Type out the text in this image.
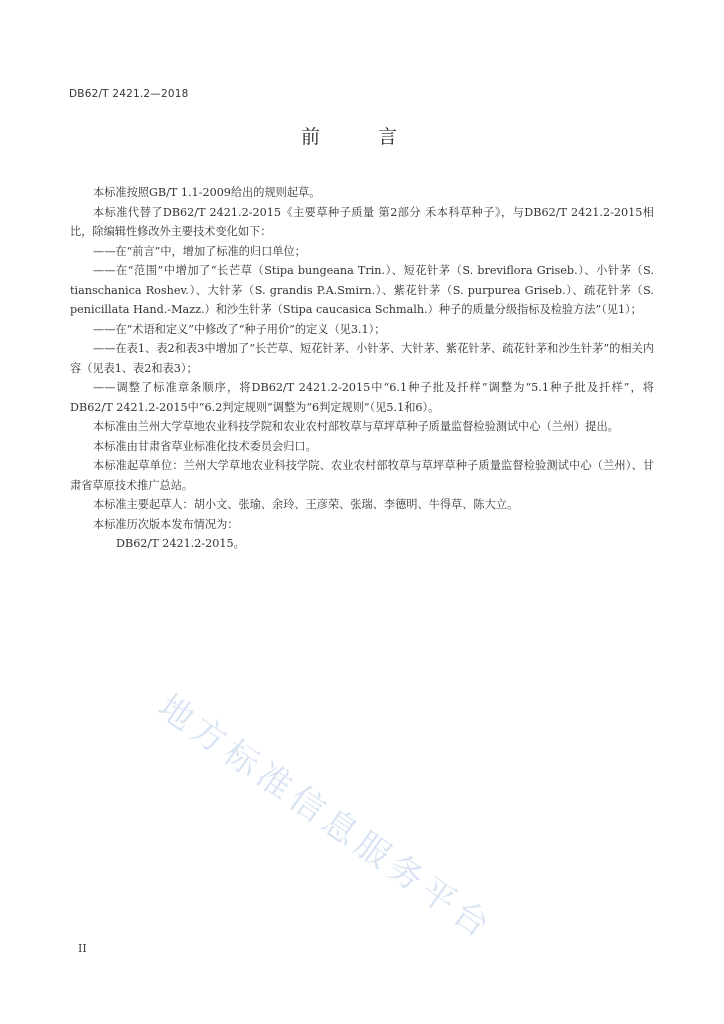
DB62/T 2421.2—2018
前 言

本标准按照GB/T 1.1-2009给出的规则起草。

本标准代替了DB62/T 2421.2-2015《主要草种子质量 第2部分 禾本科草种子》，与DB62/T 2421.2-2015相比，除编辑性修改外主要技术变化如下：

——在“前言”中，增加了标准的归口单位；

——在“范围”中增加了“长芒草（Stipa bungeana Trin.）、短花针茅（S. breviflora Griseb.）、小针茅（S. tianschanica Roshev.）、大针茅（S. grandis P.A.Smirn.）、紫花针茅（S. purpurea Griseb.）、疏花针茅（S. penicillata Hand.-Mazz.）和沙生针茅（Stipa caucasica Schmalh.）种子的质量分级指标及检验方法”（见1）；

——在“术语和定义”中修改了“种子用价”的定义（见3.1）；

——在表1、表2和表3中增加了“长芒草、短花针茅、小针茅、大针茅、紫花针茅、疏花针茅和沙生针茅”的相关内容（见表1、表2和表3）；

——调整了标准章条顺序，将DB62/T 2421.2-2015中“6.1种子批及扦样”调整为“5.1种子批及扦样”，将DB62/T 2421.2-2015中“6.2判定规则”调整为“6判定规则”（见5.1和6）。

本标准由兰州大学草地农业科技学院和农业农村部牧草与草坪草种子质量监督检验测试中心（兰州）提出。

本标准由甘肃省草业标准化技术委员会归口。

本标准起草单位：兰州大学草地农业科技学院、农业农村部牧草与草坪草种子质量监督检验测试中心（兰州）、甘肃省草原技术推广总站。

本标准主要起草人：胡小文、张瑜、余玲、王彦荣、张瑞、李德明、牛得草、陈大立。

本标准历次版本发布情况为：

DB62/T 2421.2-2015。

地方标准信息服务平台
II
